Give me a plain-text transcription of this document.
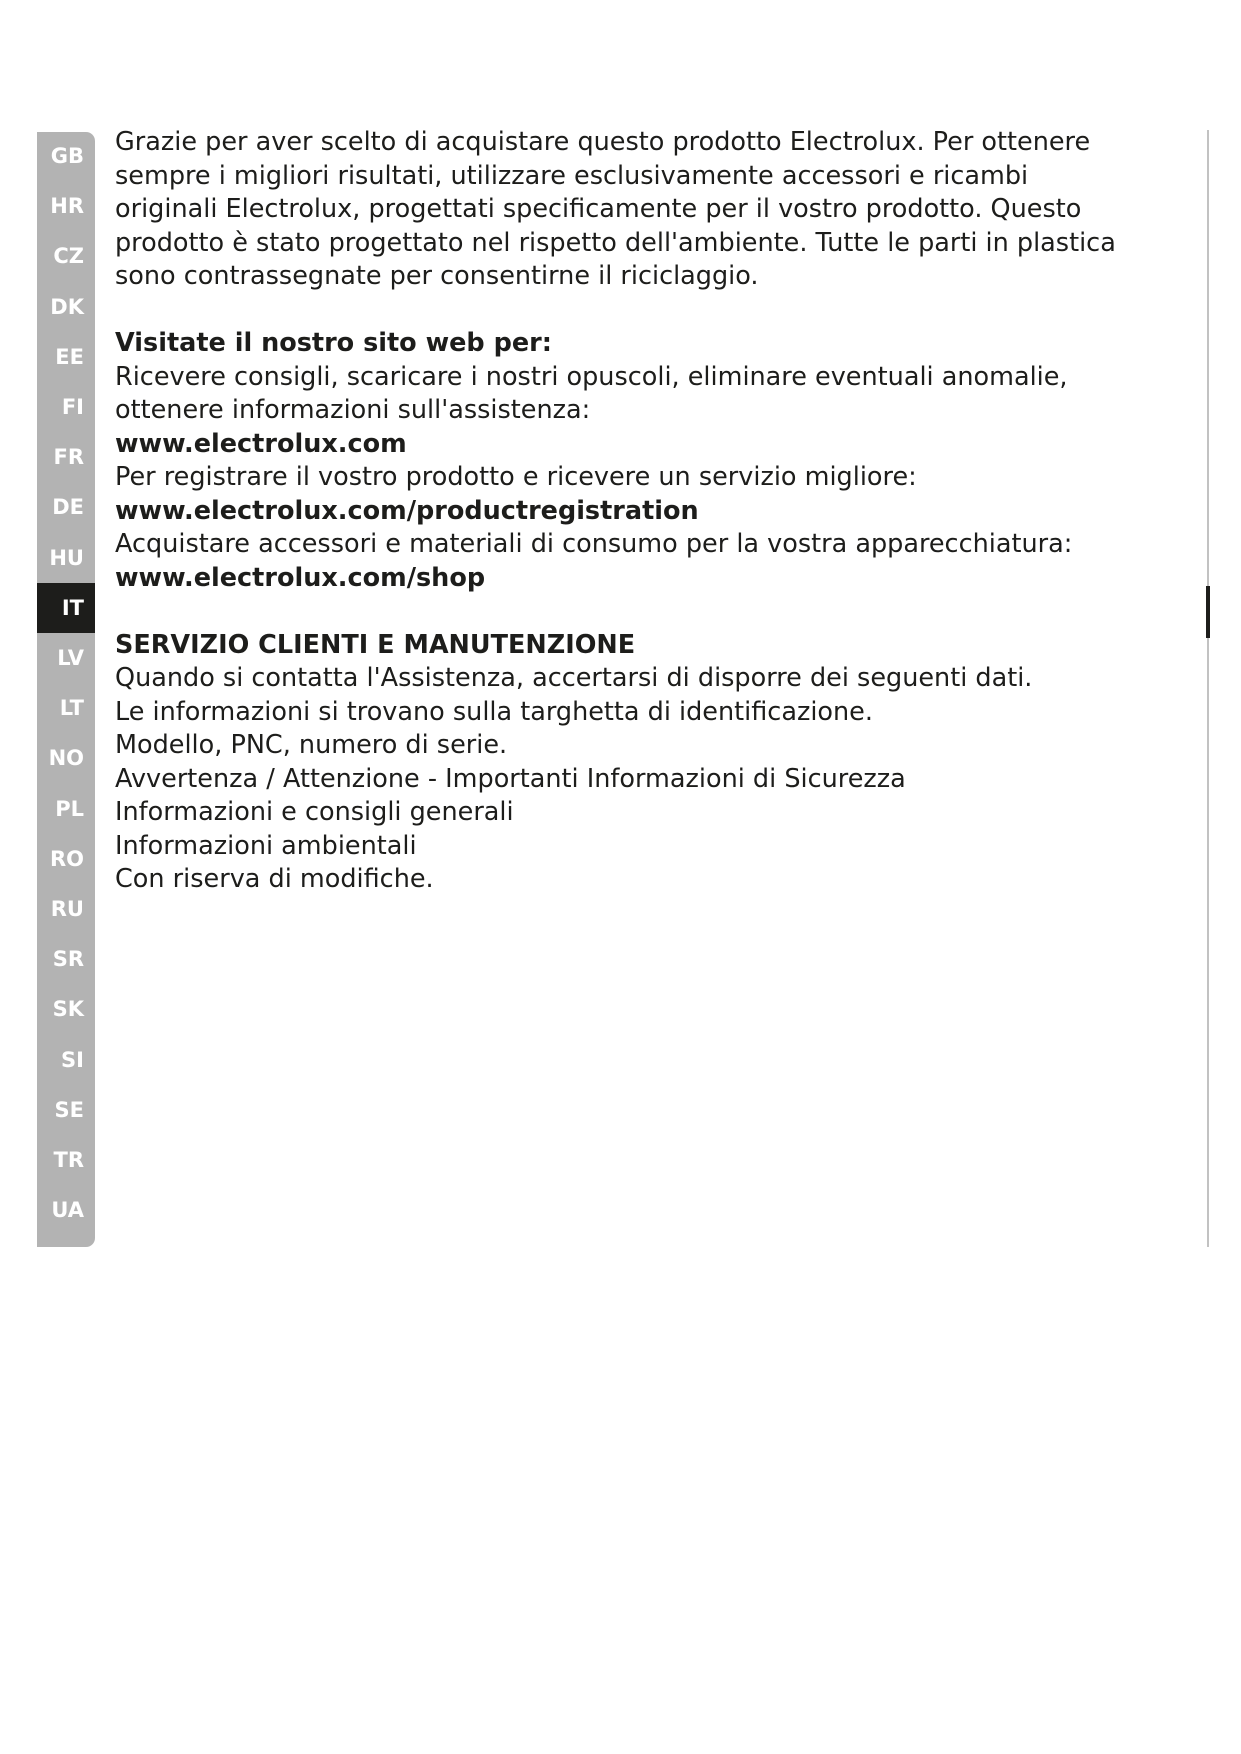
GB
HR
CZ
DK
EE
FI
FR
DE
HU
IT
LV
LT
NO
PL
RO
RU
SR
SK
SI
SE
TR
UA

Grazie per aver scelto di acquistare questo prodotto Electrolux. Per ottenere

sempre i migliori risultati, utilizzare esclusivamente accessori e ricambi

originali Electrolux, progettati specificamente per il vostro prodotto. Questo

prodotto è stato progettato nel rispetto dell'ambiente. Tutte le parti in plastica

sono contrassegnate per consentirne il riciclaggio.

Visitate il nostro sito web per:

Ricevere consigli, scaricare i nostri opuscoli, eliminare eventuali anomalie,

ottenere informazioni sull'assistenza:

www.electrolux.com

Per registrare il vostro prodotto e ricevere un servizio migliore:

www.electrolux.com/productregistration

Acquistare accessori e materiali di consumo per la vostra apparecchiatura:

www.electrolux.com/shop

SERVIZIO CLIENTI E MANUTENZIONE

Quando si contatta l'Assistenza, accertarsi di disporre dei seguenti dati.

Le informazioni si trovano sulla targhetta di identificazione.

Modello, PNC, numero di serie.

Avvertenza / Attenzione - Importanti Informazioni di Sicurezza

Informazioni e consigli generali

Informazioni ambientali

Con riserva di modifiche.
